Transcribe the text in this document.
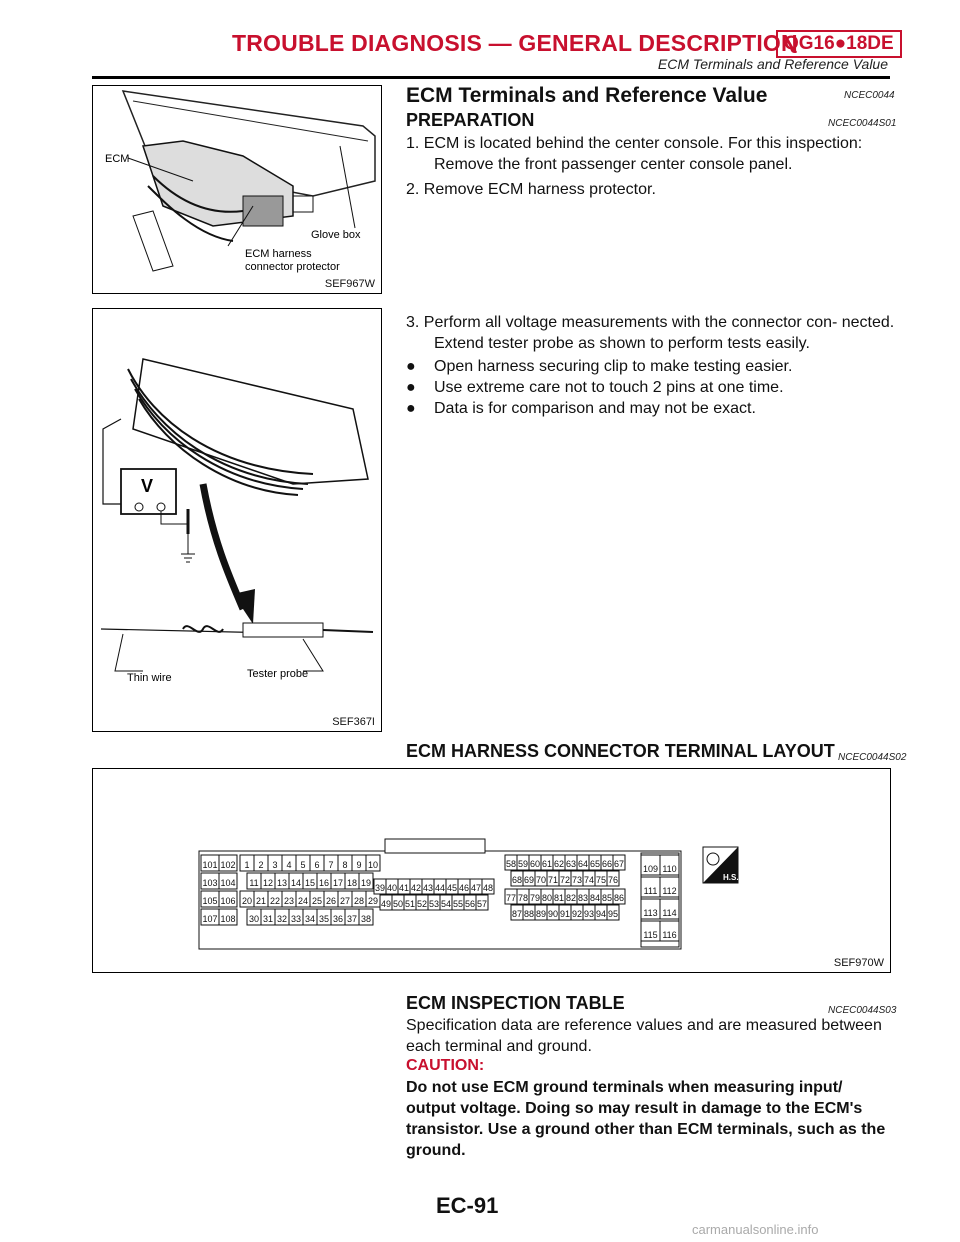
TROUBLE DIAGNOSIS — GENERAL DESCRIPTION
QG16●18DE
ECM Terminals and Reference Value
ECM
Glove box
ECM harness
connector protector
SEF967W
V
Thin wire	Tester probe
SEF367I
ECM Terminals and Reference Value	NCEC0044
PREPARATION	NCEC0044S01
1. ECM is located behind the center console. For this inspection: Remove the front passenger center console panel.
2. Remove ECM harness protector.
3. Perform all voltage measurements with the connector con- nected. Extend tester probe as shown to perform tests easily.
● Open harness securing clip to make testing easier.
● Use extreme care not to touch 2 pins at one time.
● Data is for comparison and may not be exact.
ECM HARNESS CONNECTOR TERMINAL LAYOUT NCEC0044S02
101 102
103 104
105 106
107 108
1 2 3 4 5 6 7 8 9 10
11 12 13 14 15 16 17 18 19
20 21 22 23 24 25 26 27 28 29
30 31 32 33 34 35 36 37 38
39 40 41 42 43 44 45 46 47 48
49 50 51 52 53 54 55 56 57
58 59 60 61 62 63 64 65 66 67
68 69 70 71 72 73 74 75 76
77 78 79 80 81 82 83 84 85 86
87 88 89 90 91 92 93 94 95
109 110
111 112
113 114
115 116
H.S.
SEF970W
ECM INSPECTION TABLE	NCEC0044S03
Specification data are reference values and are measured between each terminal and ground.
CAUTION:
Do not use ECM ground terminals when measuring input/ output voltage. Doing so may result in damage to the ECM's transistor. Use a ground other than ECM terminals, such as the ground.
EC-91
carmanualsonline.info
